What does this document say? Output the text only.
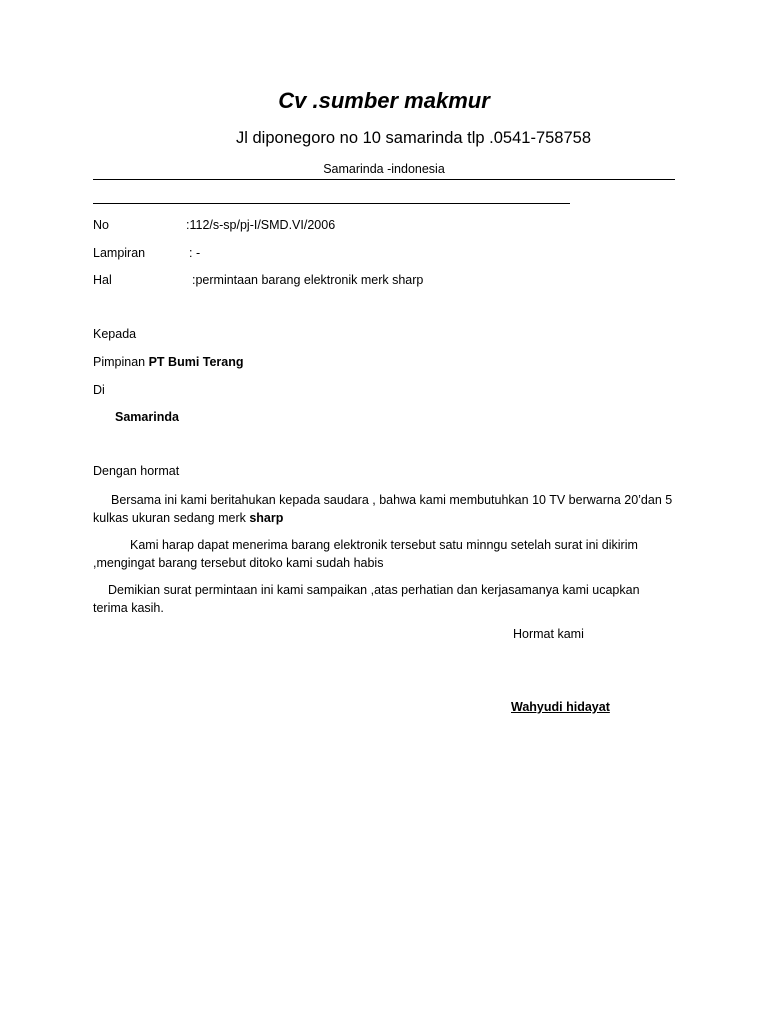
Cv .sumber makmur
Jl diponegoro no 10 samarinda tlp .0541-758758
Samarinda -indonesia
No	:112/s-sp/pj-I/SMD.VI/2006
Lampiran	: -
Hal	:permintaan barang elektronik merk sharp
Kepada
Pimpinan PT Bumi Terang
Di
Samarinda
Dengan hormat
Bersama ini kami beritahukan kepada saudara , bahwa kami membutuhkan 10 TV berwarna 20’dan 5 kulkas ukuran sedang merk sharp
Kami harap dapat menerima barang elektronik tersebut satu minngu setelah surat ini dikirim ,mengingat barang tersebut ditoko kami sudah habis
Demikian surat permintaan ini kami sampaikan ,atas perhatian dan kerjasamanya kami ucapkan terima kasih.
Hormat kami
Wahyudi hidayat
